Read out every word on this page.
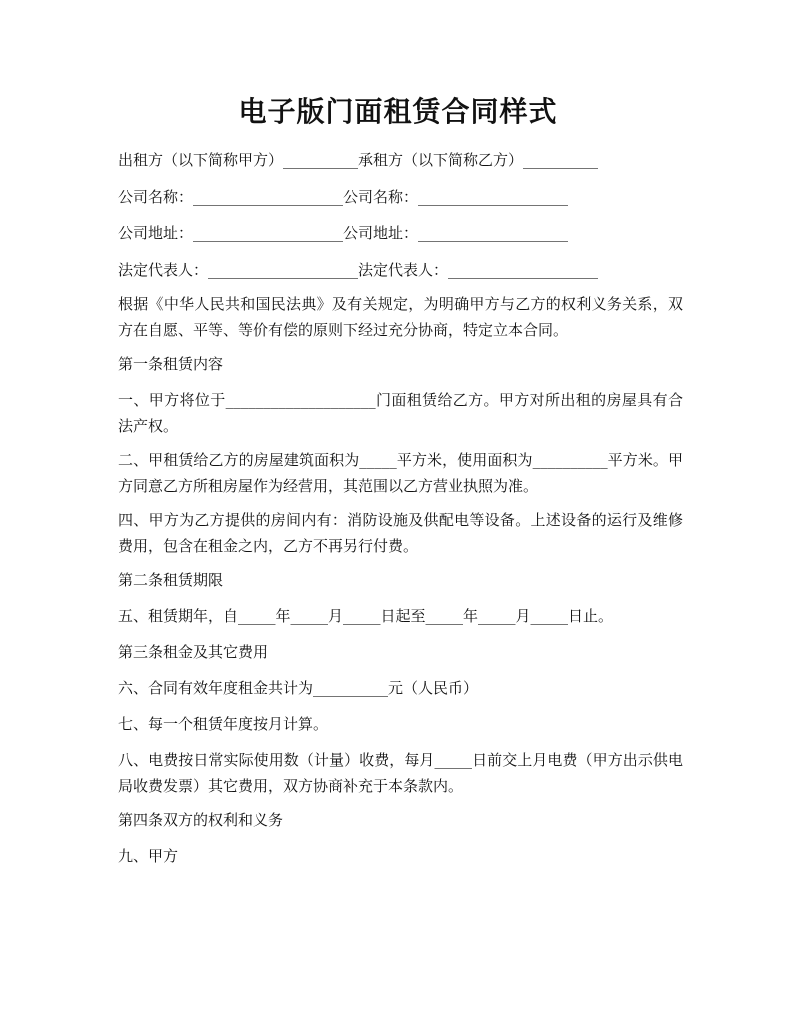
电子版门面租赁合同样式

出租方（以下简称甲方）__________承租方（以下简称乙方）__________

公司名称：____________________公司名称：____________________

公司地址：____________________公司地址：____________________

法定代表人：____________________法定代表人：____________________

根据《中华人民共和国民法典》及有关规定，为明确甲方与乙方的权利义务关系，双方在自愿、平等、等价有偿的原则下经过充分协商，特定立本合同。

第一条租赁内容

一、甲方将位于____________________门面租赁给乙方。甲方对所出租的房屋具有合法产权。

二、甲租赁给乙方的房屋建筑面积为_____平方米，使用面积为__________平方米。甲方同意乙方所租房屋作为经营用，其范围以乙方营业执照为准。

四、甲方为乙方提供的房间内有：消防设施及供配电等设备。上述设备的运行及维修费用，包含在租金之内，乙方不再另行付费。

第二条租赁期限

五、租赁期年，自_____年_____月_____日起至_____年_____月_____日止。

第三条租金及其它费用

六、合同有效年度租金共计为__________元（人民币）

七、每一个租赁年度按月计算。

八、电费按日常实际使用数（计量）收费，每月_____日前交上月电费（甲方出示供电局收费发票）其它费用，双方协商补充于本条款内。

第四条双方的权利和义务

九、甲方
